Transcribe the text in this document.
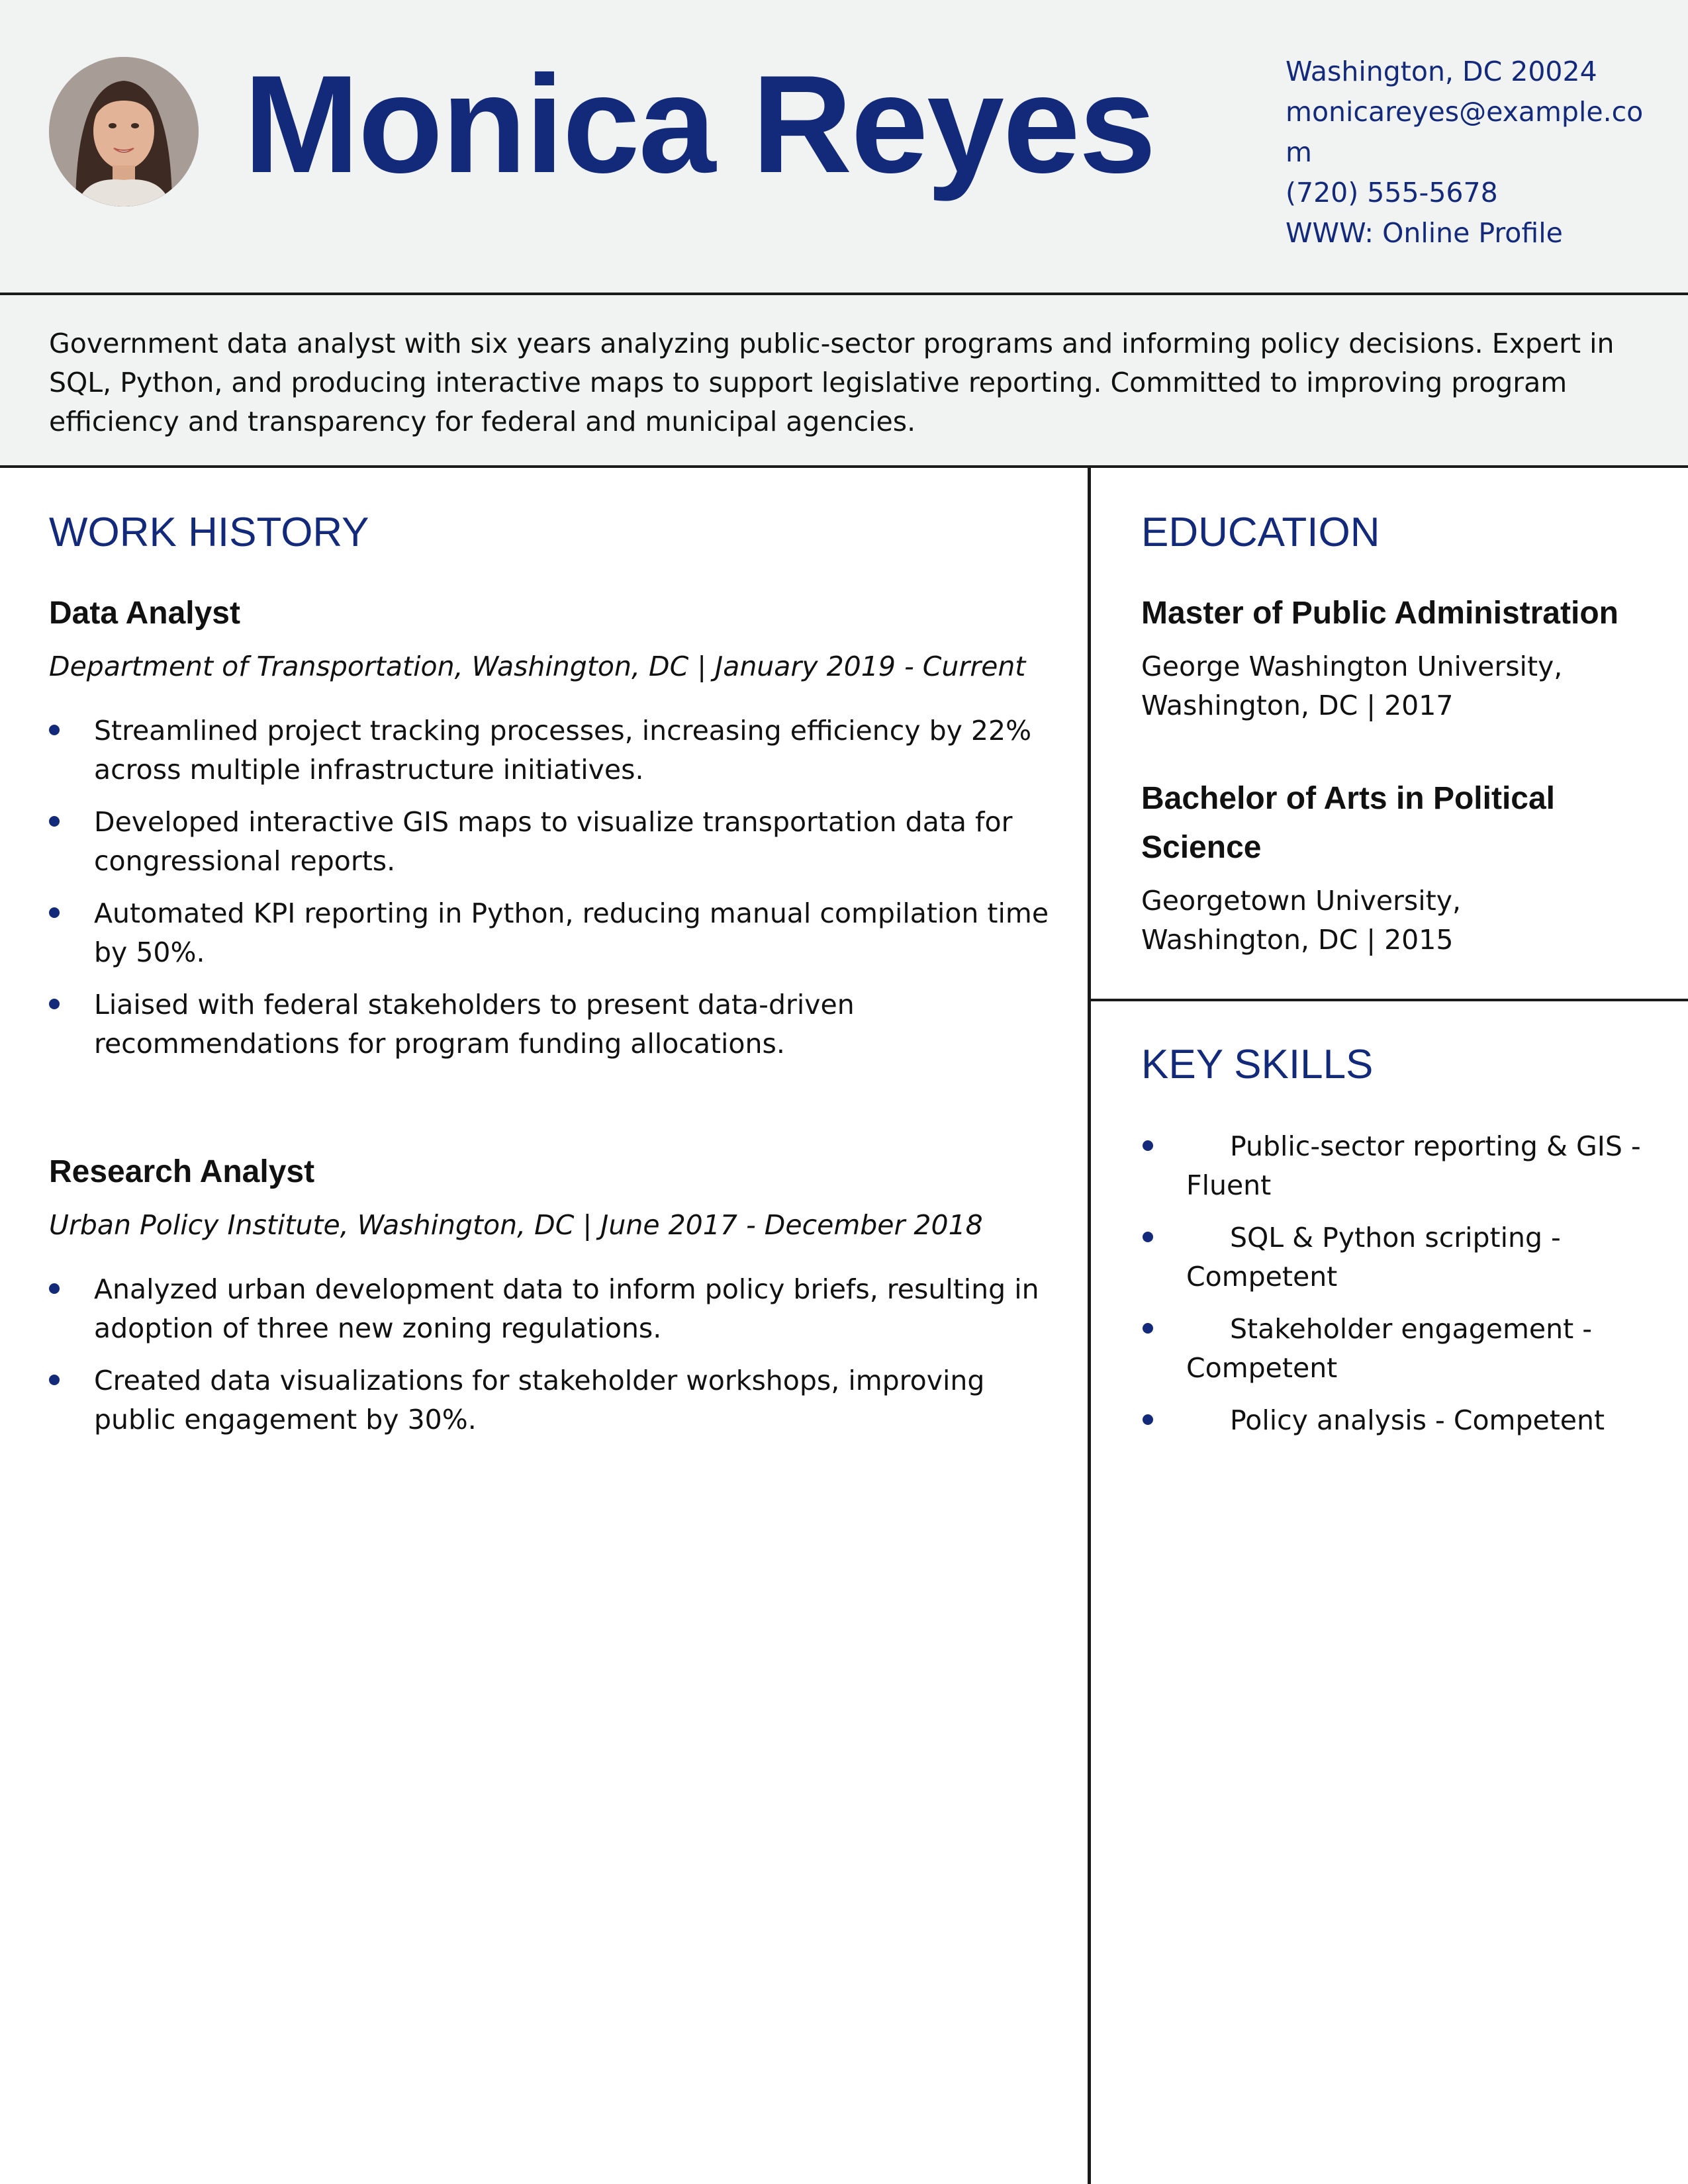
Monica Reyes	Washington, DC 20024
monicareyes@example.com
(720) 555-5678
WWW: Online Profile

Government data analyst with six years analyzing public-sector programs and informing policy decisions. Expert in SQL, Python, and producing interactive maps to support legislative reporting. Committed to improving program efficiency and transparency for federal and municipal agencies.

WORK HISTORY
Data Analyst

Department of Transportation, Washington, DC | January 2019 - Current

Streamlined project tracking processes, increasing efficiency by 22% across multiple infrastructure initiatives.
Developed interactive GIS maps to visualize transportation data for congressional reports.
Automated KPI reporting in Python, reducing manual compilation time by 50%.
Liaised with federal stakeholders to present data-driven recommendations for program funding allocations.
Research Analyst

Urban Policy Institute, Washington, DC | June 2017 - December 2018

Analyzed urban development data to inform policy briefs, resulting in adoption of three new zoning regulations.
Created data visualizations for stakeholder workshops, improving public engagement by 30%.
EDUCATION
Master of Public Administration

George Washington University,

Washington, DC | 2017

Bachelor of Arts in Political Science

Georgetown University,

Washington, DC | 2015

KEY SKILLS
Public-sector reporting & GIS - Fluent
SQL & Python scripting - Competent
Stakeholder engagement - Competent
Policy analysis - Competent
